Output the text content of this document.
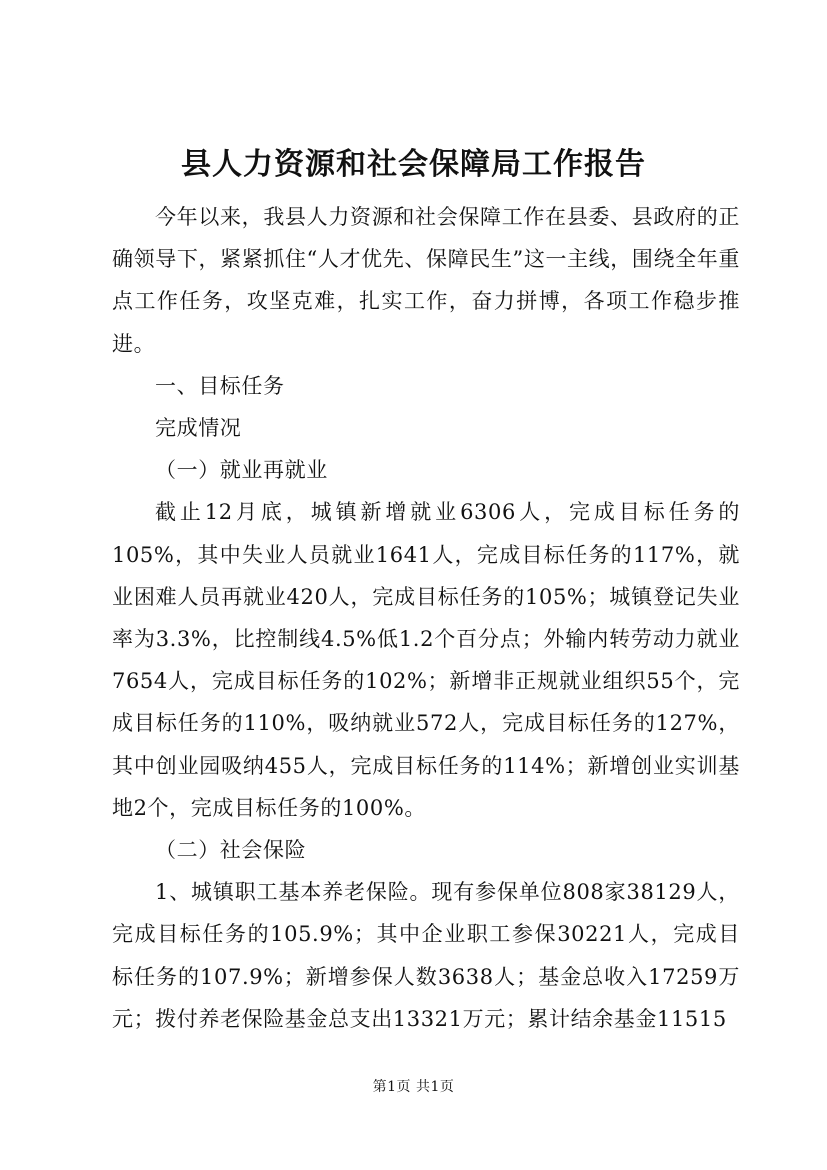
县人力资源和社会保障局工作报告

今年以来，我县人力资源和社会保障工作在县委、县政府的正确领导下，紧紧抓住“人才优先、保障民生”这一主线，围绕全年重点工作任务，攻坚克难，扎实工作，奋力拼博，各项工作稳步推进。

一、目标任务

完成情况

（一）就业再就业

截止12月底，城镇新增就业6306人，完成目标任务的105%，其中失业人员就业1641人，完成目标任务的117%，就业困难人员再就业420人，完成目标任务的105%；城镇登记失业率为3.3%，比控制线4.5%低1.2个百分点；外输内转劳动力就业7654人，完成目标任务的102%；新增非正规就业组织55个，完成目标任务的110%，吸纳就业572人，完成目标任务的127%，其中创业园吸纳455人，完成目标任务的114%；新增创业实训基地2个，完成目标任务的100%。

（二）社会保险

1、城镇职工基本养老保险。现有参保单位808家38129人，完成目标任务的105.9%；其中企业职工参保30221人，完成目标任务的107.9%；新增参保人数3638人；基金总收入17259万元；拨付养老保险基金总支出13321万元；累计结余基金11515

第1页 共1页
